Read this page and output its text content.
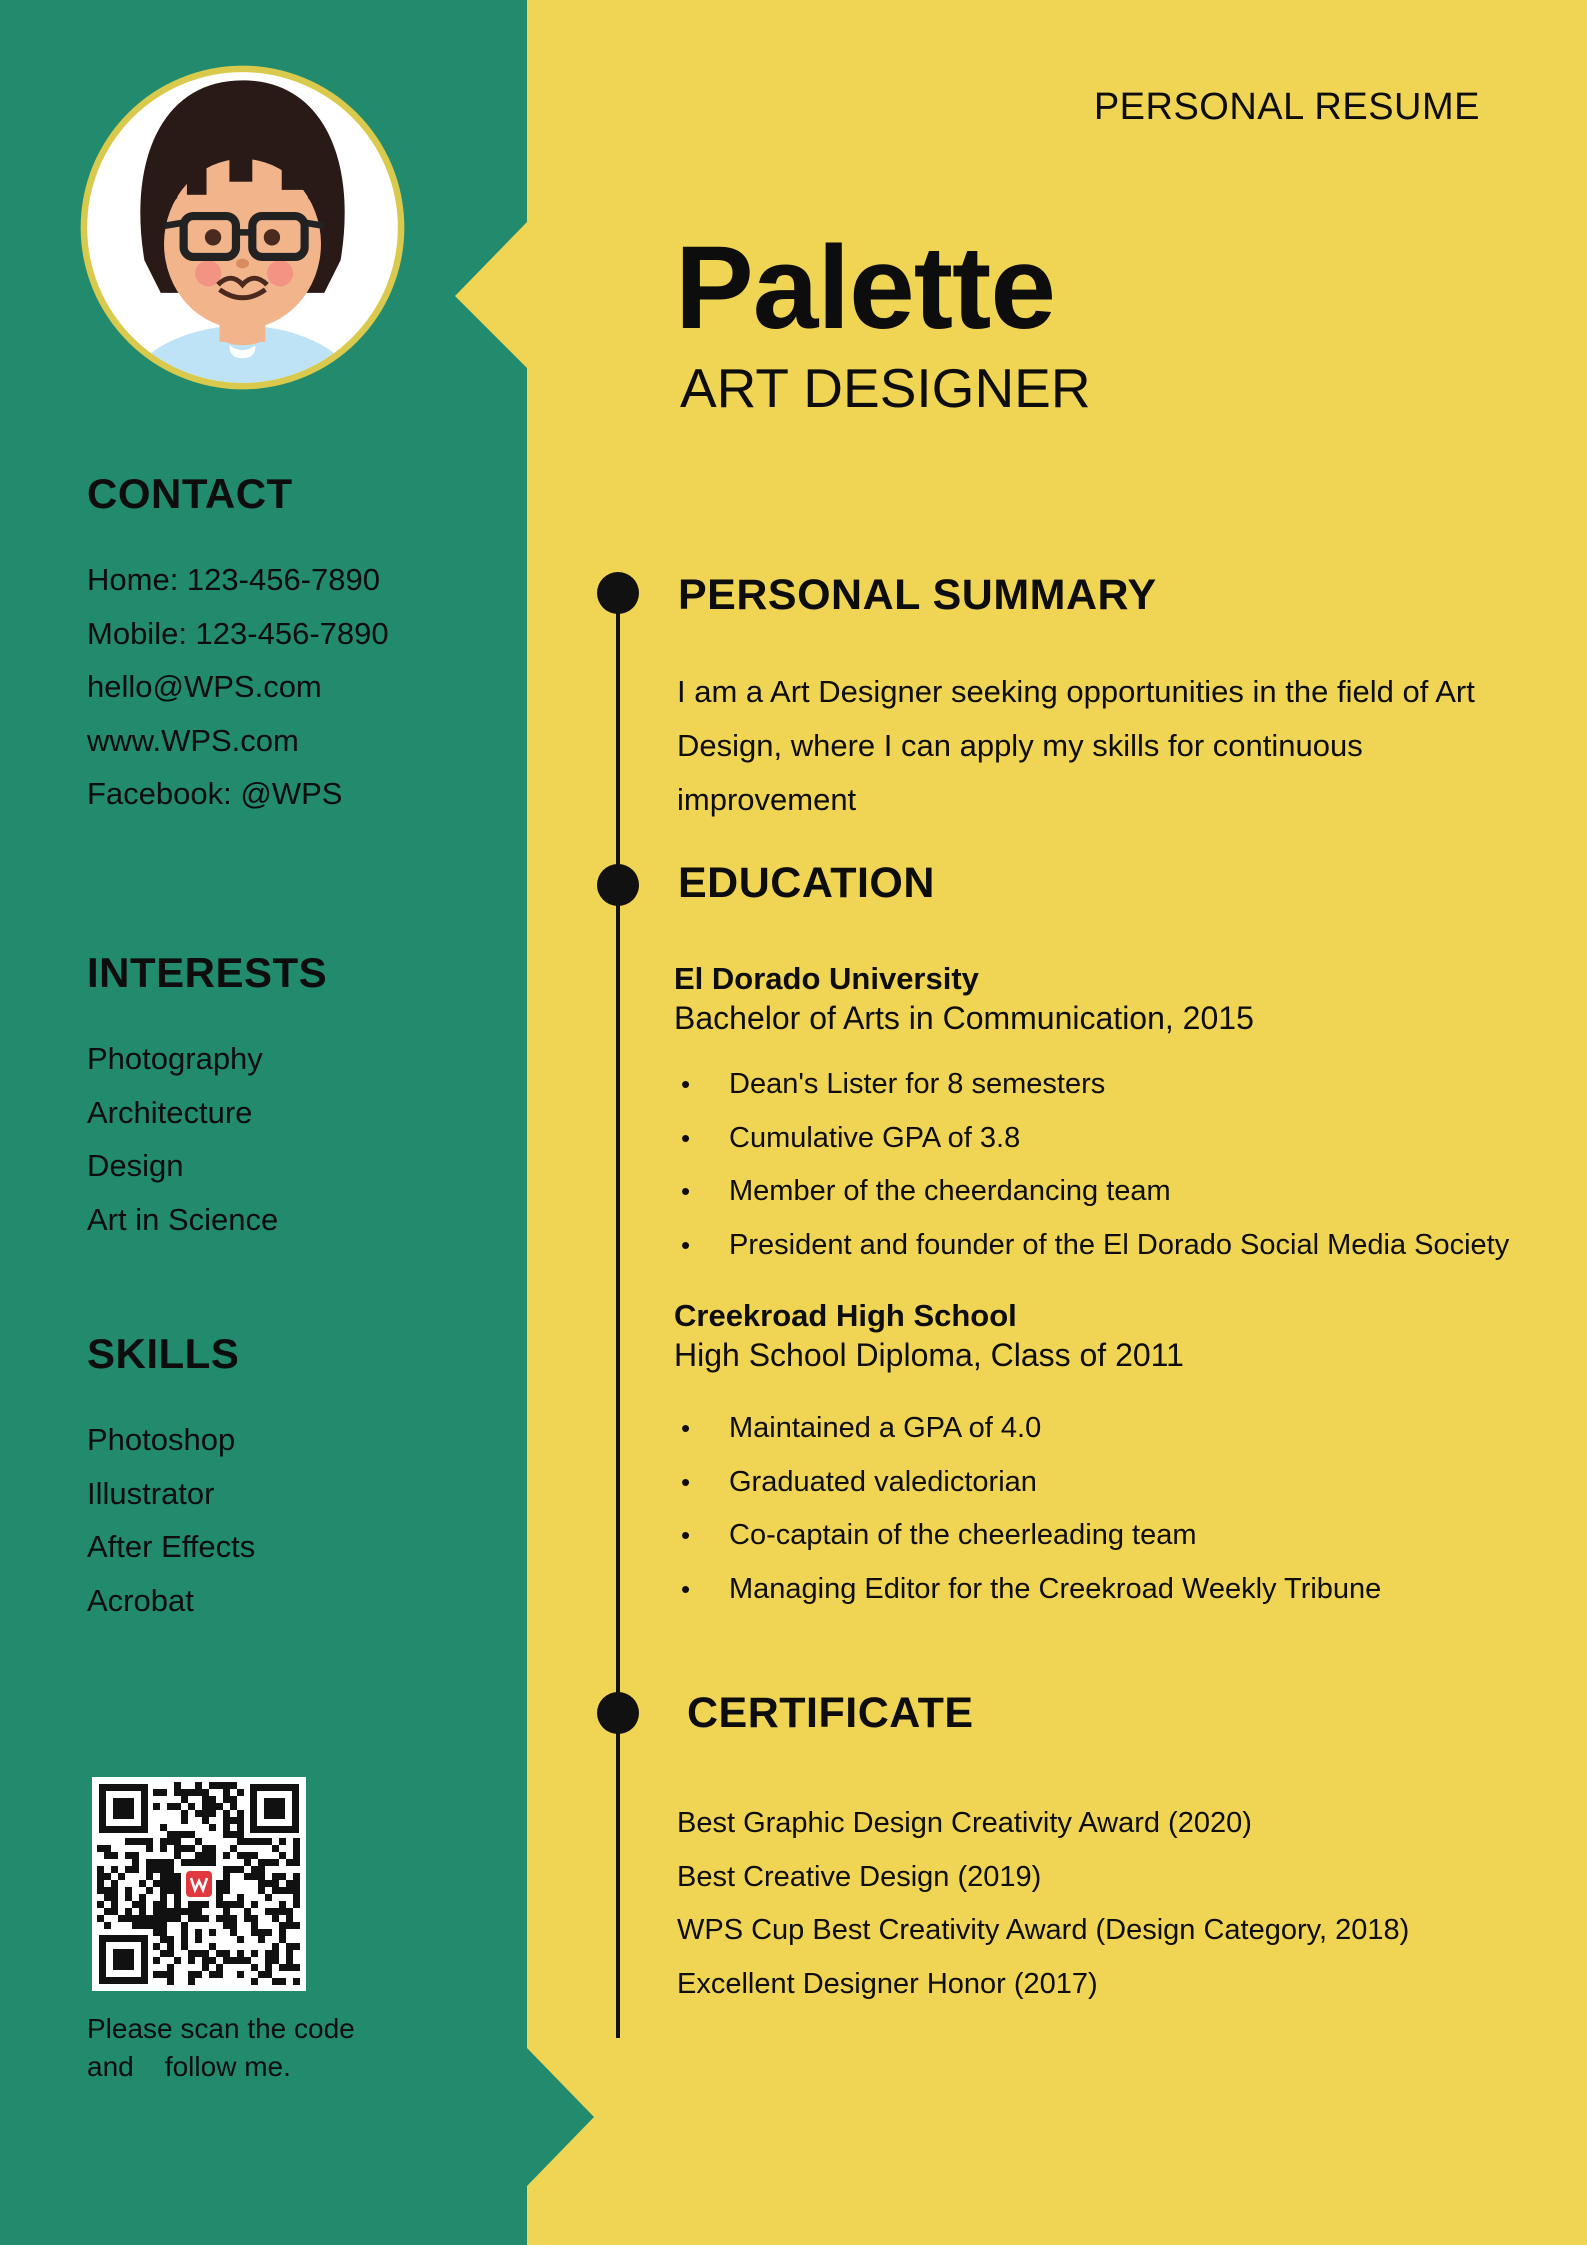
CONTACT
Home: 123-456-7890
Mobile: 123-456-7890
hello@WPS.com
www.WPS.com
Facebook: @WPS
INTERESTS
Photography
Architecture
Design
Art in Science
SKILLS
Photoshop
Illustrator
After Effects
Acrobat

Please scan the code
and    follow me.

PERSONAL RESUME

Palette

ART DESIGNER

PERSONAL SUMMARY

I am a Art Designer seeking opportunities in the field of Art Design, where I can apply my skills for continuous improvement

EDUCATION

El Dorado University

Bachelor of Arts in Communication, 2015

• Dean's Lister for 8 semesters
• Cumulative GPA of 3.8
• Member of the cheerdancing team
• President and founder of the El Dorado Social Media Society

Creekroad High School

High School Diploma, Class of 2011

• Maintained a GPA of 4.0
• Graduated valedictorian
• Co-captain of the cheerleading team
• Managing Editor for the Creekroad Weekly Tribune
CERTIFICATE
Best Graphic Design Creativity Award (2020)
Best Creative Design (2019)
WPS Cup Best Creativity Award (Design Category, 2018)
Excellent Designer Honor (2017)
